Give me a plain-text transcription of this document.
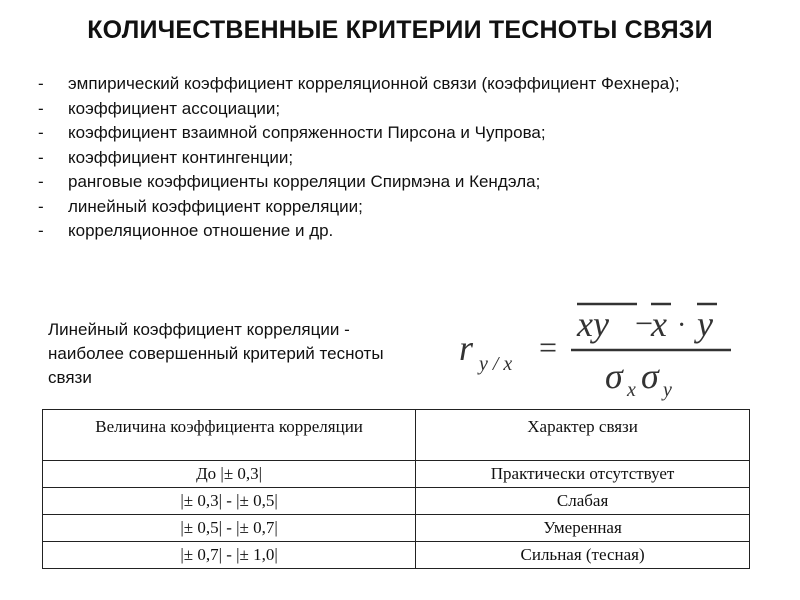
КОЛИЧЕСТВЕННЫЕ КРИТЕРИИ ТЕСНОТЫ СВЯЗИ
- эмпирический коэффициент корреляционной связи (коэффициент Фехнера);
- коэффициент ассоциации;
- коэффициент взаимной сопряженности Пирсона и Чупрова;
- коэффициент контингенции;
- ранговые коэффициенты корреляции Спирмэна и Кендэла;
- линейный коэффициент корреляции;
- корреляционное отношение и др.
Линейный коэффициент корреляции - наиболее совершенный критерий тесноты связи
r y / x =
xy −
x · y
σ x σ y
Величина коэффициента корреляции	Характер связи
До |± 0,3|	Практически отсутствует
|± 0,3| - |± 0,5|	Слабая
|± 0,5| - |± 0,7|	Умеренная
|± 0,7| - |± 1,0|	Сильная (тесная)
